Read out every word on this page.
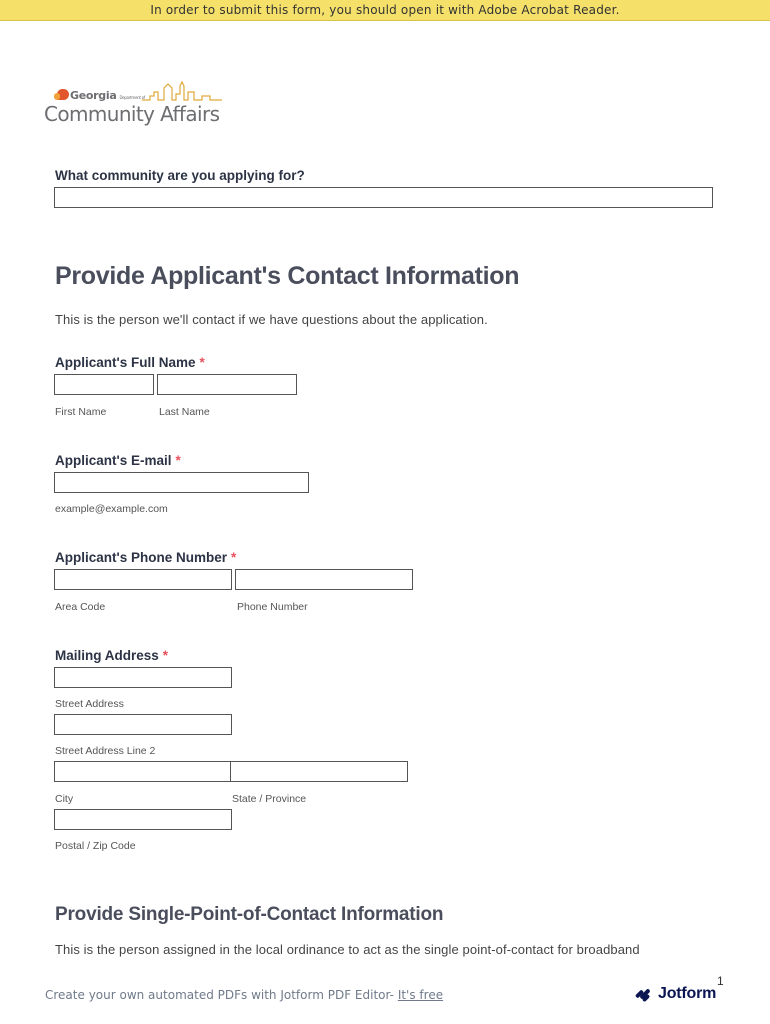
In order to submit this form, you should open it with Adobe Acrobat Reader.
Georgia Department of
Community Affairs
What community are you applying for?
Provide Applicant's Contact Information
This is the person we'll contact if we have questions about the application.
Applicant's Full Name *
First Name	Last Name
Applicant's E-mail *
example@example.com
Applicant's Phone Number *
Area Code	Phone Number
Mailing Address *
Street Address
Street Address Line 2
City	State / Province
Postal / Zip Code
Provide Single-Point-of-Contact Information
This is the person assigned in the local ordinance to act as the single point-of-contact for broadband
1
Create your own automated PDFs with Jotform PDF Editor- It's free	Jotform
